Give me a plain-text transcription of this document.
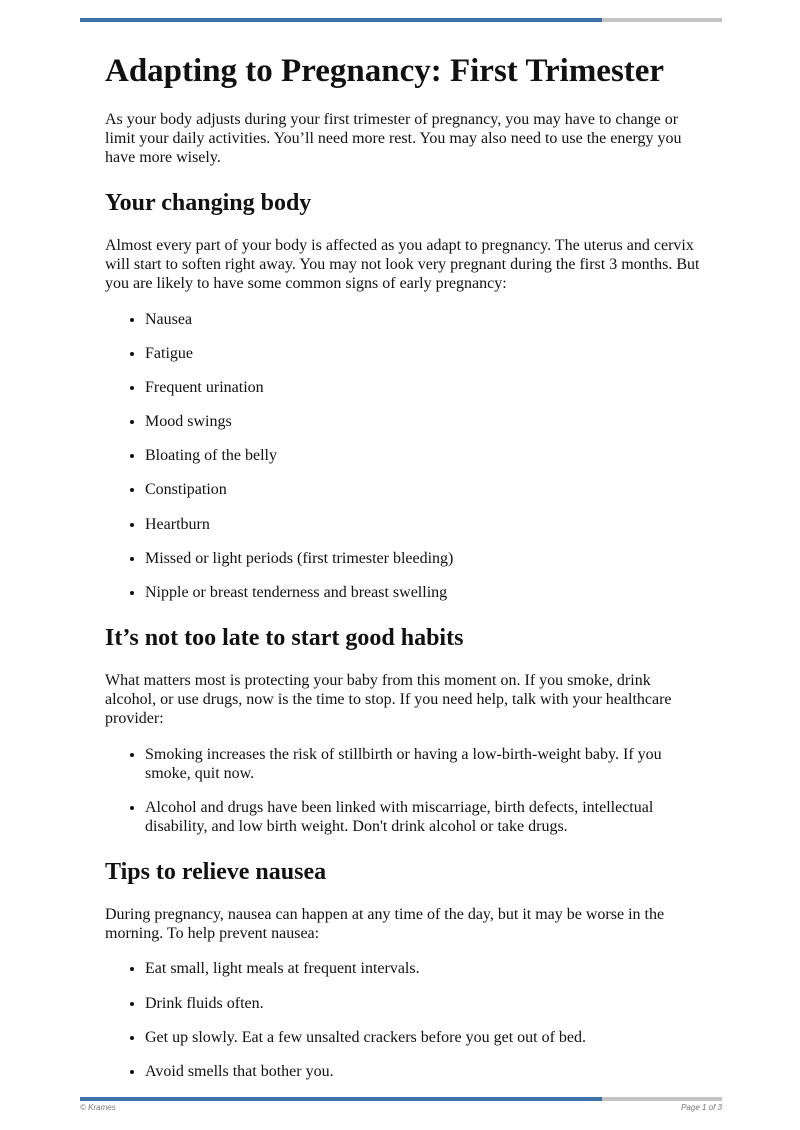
Adapting to Pregnancy: First Trimester

As your body adjusts during your first trimester of pregnancy, you may have to change or limit your daily activities. You’ll need more rest. You may also need to use the energy you have more wisely.

Your changing body

Almost every part of your body is affected as you adapt to pregnancy. The uterus and cervix will start to soften right away. You may not look very pregnant during the first 3 months. But you are likely to have some common signs of early pregnancy:

• Nausea
• Fatigue
• Frequent urination
• Mood swings
• Bloating of the belly
• Constipation
• Heartburn
• Missed or light periods (first trimester bleeding)
• Nipple or breast tenderness and breast swelling
It’s not too late to start good habits

What matters most is protecting your baby from this moment on. If you smoke, drink alcohol, or use drugs, now is the time to stop. If you need help, talk with your healthcare provider:

• Smoking increases the risk of stillbirth or having a low-birth-weight baby. If you smoke, quit now.
• Alcohol and drugs have been linked with miscarriage, birth defects, intellectual disability, and low birth weight. Don't drink alcohol or take drugs.
Tips to relieve nausea

During pregnancy, nausea can happen at any time of the day, but it may be worse in the morning. To help prevent nausea:

• Eat small, light meals at frequent intervals.
• Drink fluids often.
• Get up slowly. Eat a few unsalted crackers before you get out of bed.
• Avoid smells that bother you.
© Krames	Page 1 of 3
